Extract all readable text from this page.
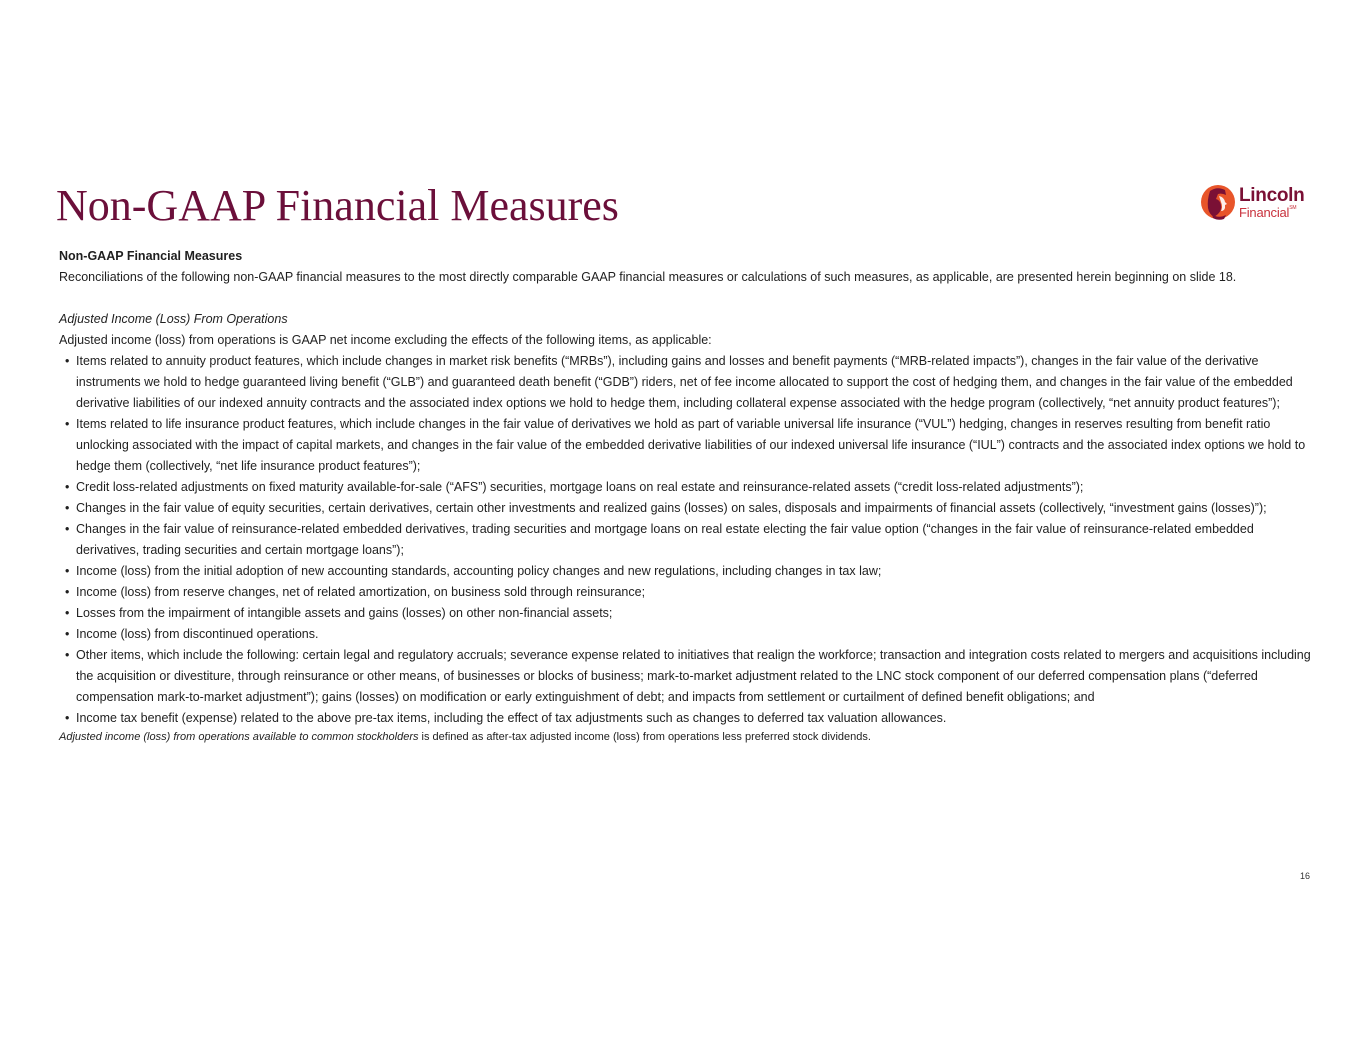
Non-GAAP Financial Measures	Lincoln
Financial℠

Non-GAAP Financial Measures

Reconciliations of the following non-GAAP financial measures to the most directly comparable GAAP financial measures or calculations of such measures, as applicable, are presented herein beginning on slide 18.

Adjusted Income (Loss) From Operations

Adjusted income (loss) from operations is GAAP net income excluding the effects of the following items, as applicable:

• Items related to annuity product features, which include changes in market risk benefits (“MRBs”), including gains and losses and benefit payments (“MRB-related impacts”), changes in the fair value of the derivative instruments we hold to hedge guaranteed living benefit (“GLB”) and guaranteed death benefit (“GDB”) riders, net of fee income allocated to support the cost of hedging them, and changes in the fair value of the embedded derivative liabilities of our indexed annuity contracts and the associated index options we hold to hedge them, including collateral expense associated with the hedge program (collectively, “net annuity product features”);
• Items related to life insurance product features, which include changes in the fair value of derivatives we hold as part of variable universal life insurance (“VUL”) hedging, changes in reserves resulting from benefit ratio unlocking associated with the impact of capital markets, and changes in the fair value of the embedded derivative liabilities of our indexed universal life insurance (“IUL”) contracts and the associated index options we hold to hedge them (collectively, “net life insurance product features”);
• Credit loss-related adjustments on fixed maturity available-for-sale (“AFS”) securities, mortgage loans on real estate and reinsurance-related assets (“credit loss-related adjustments”);
• Changes in the fair value of equity securities, certain derivatives, certain other investments and realized gains (losses) on sales, disposals and impairments of financial assets (collectively, “investment gains (losses)”);
• Changes in the fair value of reinsurance-related embedded derivatives, trading securities and mortgage loans on real estate electing the fair value option (“changes in the fair value of reinsurance-related embedded derivatives, trading securities and certain mortgage loans”);
• Income (loss) from the initial adoption of new accounting standards, accounting policy changes and new regulations, including changes in tax law;
• Income (loss) from reserve changes, net of related amortization, on business sold through reinsurance;
• Losses from the impairment of intangible assets and gains (losses) on other non-financial assets;
• Income (loss) from discontinued operations.
• Other items, which include the following: certain legal and regulatory accruals; severance expense related to initiatives that realign the workforce; transaction and integration costs related to mergers and acquisitions including the acquisition or divestiture, through reinsurance or other means, of businesses or blocks of business; mark-to-market adjustment related to the LNC stock component of our deferred compensation plans (“deferred compensation mark-to-market adjustment”); gains (losses) on modification or early extinguishment of debt; and impacts from settlement or curtailment of defined benefit obligations; and
• Income tax benefit (expense) related to the above pre-tax items, including the effect of tax adjustments such as changes to deferred tax valuation allowances.

Adjusted income (loss) from operations available to common stockholders is defined as after-tax adjusted income (loss) from operations less preferred stock dividends.

16
